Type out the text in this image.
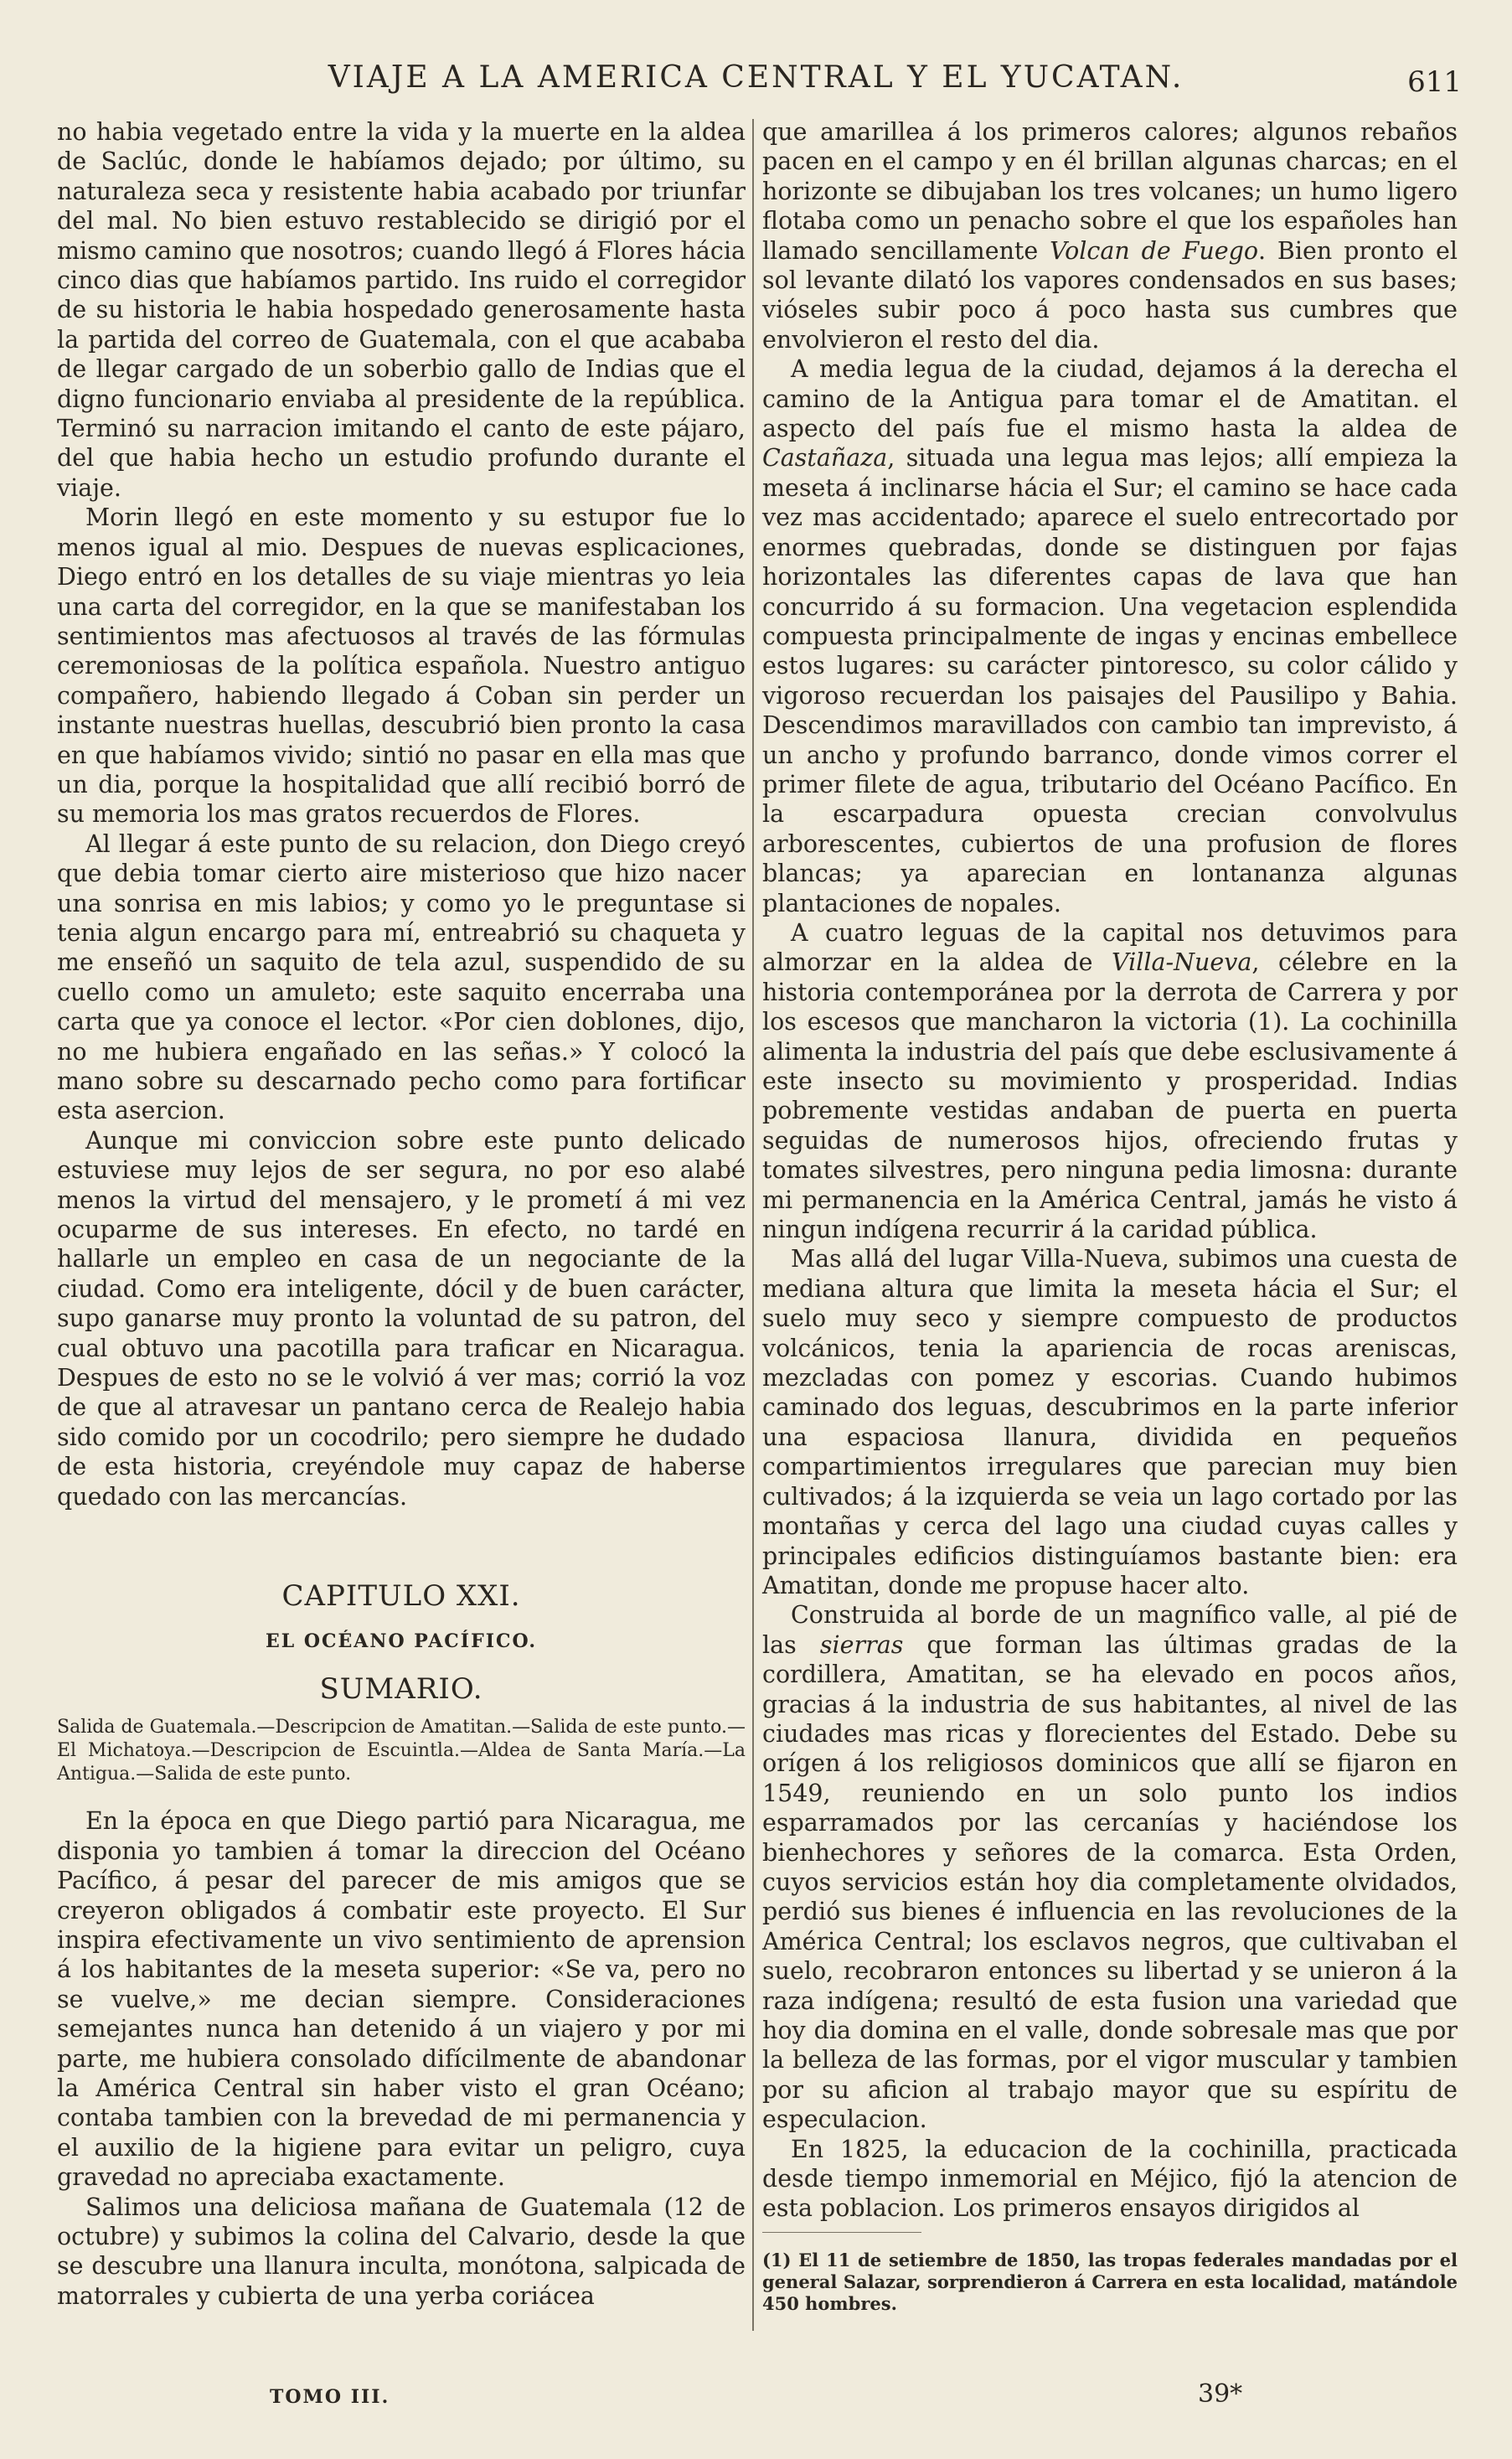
VIAJE A LA AMERICA CENTRAL Y EL YUCATAN.	611

no habia vegetado entre la vida y la muerte en la aldea de Saclúc, donde le habíamos dejado; por último, su naturaleza seca y resistente habia acabado por triunfar del mal. No bien estuvo restablecido se dirigió por el mismo camino que nosotros; cuando llegó á Flores hácia cinco dias que habíamos partido. Ins ruido el corregidor de su historia le habia hospedado generosamente hasta la partida del correo de Guatemala, con el que acababa de llegar cargado de un soberbio gallo de Indias que el digno funcionario enviaba al presidente de la república. Terminó su narracion imitando el canto de este pájaro, del que habia hecho un estudio profundo durante el viaje.

Morin llegó en este momento y su estupor fue lo menos igual al mio. Despues de nuevas esplicaciones, Diego entró en los detalles de su viaje mientras yo leia una carta del corregidor, en la que se manifestaban los sentimientos mas afectuosos al través de las fórmulas ceremoniosas de la política española. Nuestro antiguo compañero, habiendo llegado á Coban sin perder un instante nuestras huellas, descubrió bien pronto la casa en que habíamos vivido; sintió no pasar en ella mas que un dia, porque la hospitalidad que allí recibió borró de su memoria los mas gratos recuerdos de Flores.

Al llegar á este punto de su relacion, don Diego creyó que debia tomar cierto aire misterioso que hizo nacer una sonrisa en mis labios; y como yo le preguntase si tenia algun encargo para mí, entreabrió su chaqueta y me enseñó un saquito de tela azul, suspendido de su cuello como un amuleto; este saquito encerraba una carta que ya conoce el lector. «Por cien doblones, dijo, no me hubiera engañado en las señas.» Y colocó la mano sobre su descarnado pecho como para fortificar esta asercion.

Aunque mi conviccion sobre este punto delicado estuviese muy lejos de ser segura, no por eso alabé menos la virtud del mensajero, y le prometí á mi vez ocuparme de sus intereses. En efecto, no tardé en hallarle un empleo en casa de un negociante de la ciudad. Como era inteligente, dócil y de buen carácter, supo ganarse muy pronto la voluntad de su patron, del cual obtuvo una pacotilla para traficar en Nicaragua. Despues de esto no se le volvió á ver mas; corrió la voz de que al atravesar un pantano cerca de Realejo habia sido comido por un cocodrilo; pero siempre he dudado de esta historia, creyéndole muy capaz de haberse quedado con las mercancías.

CAPITULO XXI.
EL OCÉANO PACÍFICO.
SUMARIO.
Salida de Guatemala.—Descripcion de Amatitan.—Salida de este punto.—El Michatoya.—Descripcion de Escuintla.—Aldea de Santa María.—La Antigua.—Salida de este punto.

En la época en que Diego partió para Nicaragua, me disponia yo tambien á tomar la direccion del Océano Pacífico, á pesar del parecer de mis amigos que se creyeron obligados á combatir este proyecto. El Sur inspira efectivamente un vivo sentimiento de aprension á los habitantes de la meseta superior: «Se va, pero no se vuelve,» me decian siempre. Consideraciones semejantes nunca han detenido á un viajero y por mi parte, me hubiera consolado difícilmente de abandonar la América Central sin haber visto el gran Océano; contaba tambien con la brevedad de mi permanencia y el auxilio de la higiene para evitar un peligro, cuya gravedad no apreciaba exactamente.

Salimos una deliciosa mañana de Guatemala (12 de octubre) y subimos la colina del Calvario, desde la que se descubre una llanura inculta, monótona, salpicada de matorrales y cubierta de una yerba coriácea

que amarillea á los primeros calores; algunos rebaños pacen en el campo y en él brillan algunas charcas; en el horizonte se dibujaban los tres volcanes; un humo ligero flotaba como un penacho sobre el que los españoles han llamado sencillamente Volcan de Fuego. Bien pronto el sol levante dilató los vapores condensados en sus bases; vióseles subir poco á poco hasta sus cumbres que envolvieron el resto del dia.

A media legua de la ciudad, dejamos á la derecha el camino de la Antigua para tomar el de Amatitan. el aspecto del país fue el mismo hasta la aldea de Castañaza, situada una legua mas lejos; allí empieza la meseta á inclinarse hácia el Sur; el camino se hace cada vez mas accidentado; aparece el suelo entrecortado por enormes quebradas, donde se distinguen por fajas horizontales las diferentes capas de lava que han concurrido á su formacion. Una vegetacion esplendida compuesta principalmente de ingas y encinas embellece estos lugares: su carácter pintoresco, su color cálido y vigoroso recuerdan los paisajes del Pausilipo y Bahia. Descendimos maravillados con cambio tan imprevisto, á un ancho y profundo barranco, donde vimos correr el primer filete de agua, tributario del Océano Pacífico. En la escarpadura opuesta crecian convolvulus arborescentes, cubiertos de una profusion de flores blancas; ya aparecian en lontananza algunas plantaciones de nopales.

A cuatro leguas de la capital nos detuvimos para almorzar en la aldea de Villa-Nueva, célebre en la historia contemporánea por la derrota de Carrera y por los escesos que mancharon la victoria (1). La cochinilla alimenta la industria del país que debe esclusivamente á este insecto su movimiento y prosperidad. Indias pobremente vestidas andaban de puerta en puerta seguidas de numerosos hijos, ofreciendo frutas y tomates silvestres, pero ninguna pedia limosna: durante mi permanencia en la América Central, jamás he visto á ningun indígena recurrir á la caridad pública.

Mas allá del lugar Villa-Nueva, subimos una cuesta de mediana altura que limita la meseta hácia el Sur; el suelo muy seco y siempre compuesto de productos volcánicos, tenia la apariencia de rocas areniscas, mezcladas con pomez y escorias. Cuando hubimos caminado dos leguas, descubrimos en la parte inferior una espaciosa llanura, dividida en pequeños compartimientos irregulares que parecian muy bien cultivados; á la izquierda se veia un lago cortado por las montañas y cerca del lago una ciudad cuyas calles y principales edificios distinguíamos bastante bien: era Amatitan, donde me propuse hacer alto.

Construida al borde de un magnífico valle, al pié de las sierras que forman las últimas gradas de la cordillera, Amatitan, se ha elevado en pocos años, gracias á la industria de sus habitantes, al nivel de las ciudades mas ricas y florecientes del Estado. Debe su orígen á los religiosos dominicos que allí se fijaron en 1549, reuniendo en un solo punto los indios esparramados por las cercanías y haciéndose los bienhechores y señores de la comarca. Esta Orden, cuyos servicios están hoy dia completamente olvidados, perdió sus bienes é influencia en las revoluciones de la América Central; los esclavos negros, que cultivaban el suelo, recobraron entonces su libertad y se unieron á la raza indígena; resultó de esta fusion una variedad que hoy dia domina en el valle, donde sobresale mas que por la belleza de las formas, por el vigor muscular y tambien por su aficion al trabajo mayor que su espíritu de especulacion.

En 1825, la educacion de la cochinilla, practicada desde tiempo inmemorial en Méjico, fijó la atencion de esta poblacion. Los primeros ensayos dirigidos al

(1) El 11 de setiembre de 1850, las tropas federales mandadas por el general Salazar, sorprendieron á Carrera en esta localidad, matándole 450 hombres.
TOMO III.	39*
